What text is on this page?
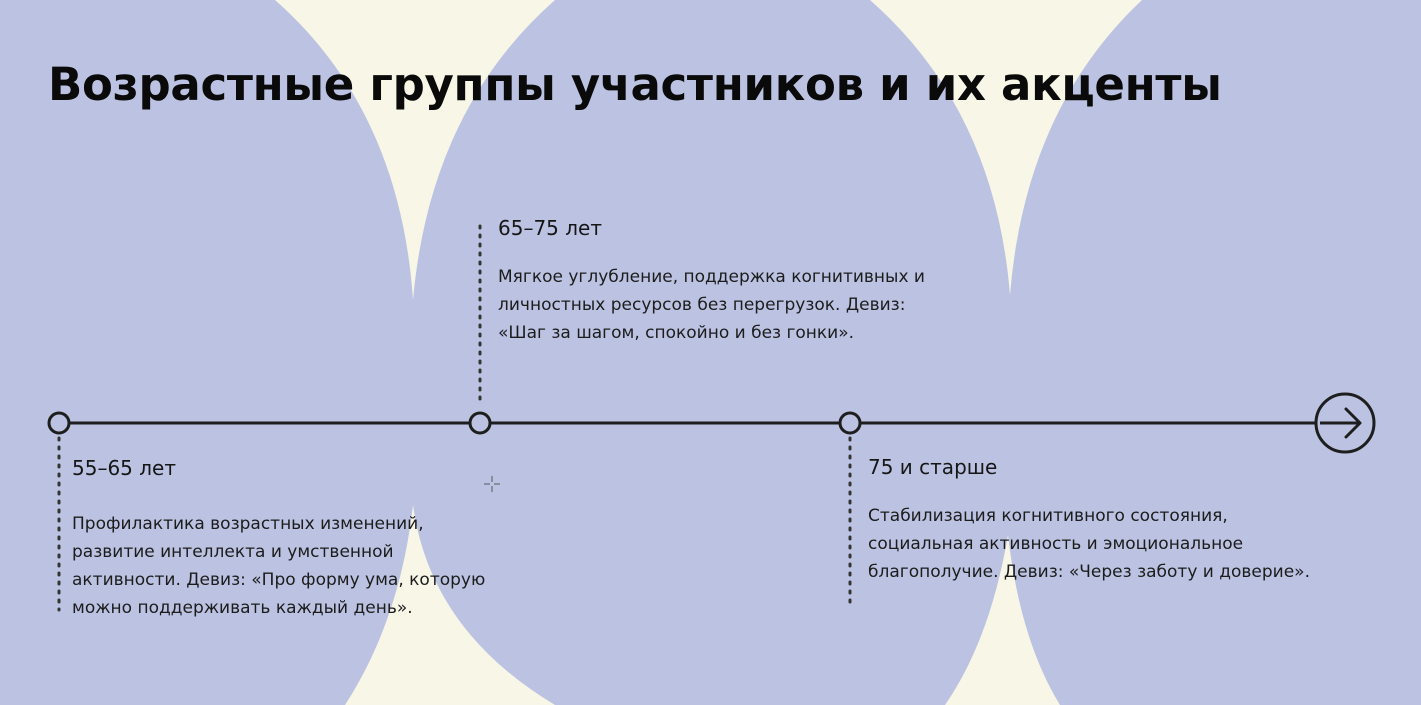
Возрастные группы участников и их акценты
55–65 лет
Профилактика возрастных изменений, развитие интеллекта и умственной активности. Девиз: «Про форму ума, которую можно поддерживать каждый день».
65–75 лет
Мягкое углубление, поддержка когнитивных и личностных ресурсов без перегрузок. Девиз: «Шаг за шагом, спокойно и без гонки».
75 и старше
Стабилизация когнитивного состояния, социальная активность и эмоциональное благополучие. Девиз: «Через заботу и доверие».
